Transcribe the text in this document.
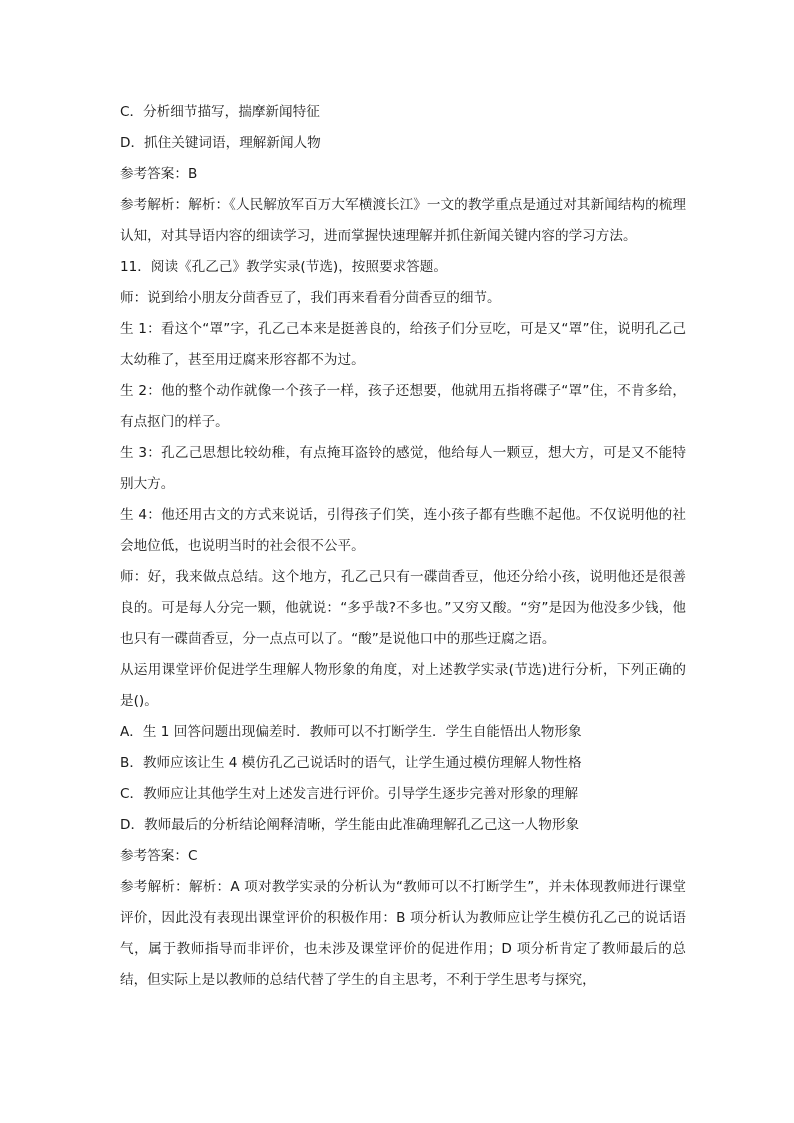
C．分析细节描写，揣摩新闻特征

D．抓住关键词语，理解新闻人物

参考答案：B

参考解析：解析：《人民解放军百万大军横渡长江》一文的教学重点是通过对其新闻结构的梳理认知，对其导语内容的细读学习，进而掌握快速理解并抓住新闻关键内容的学习方法。

11．阅读《孔乙己》教学实录(节选)，按照要求答题。

师：说到给小朋友分茴香豆了，我们再来看看分茴香豆的细节。

生 1：看这个“罩”字，孔乙己本来是挺善良的，给孩子们分豆吃，可是又“罩”住，说明孔乙己太幼稚了，甚至用迂腐来形容都不为过。

生 2：他的整个动作就像一个孩子一样，孩子还想要，他就用五指将碟子“罩”住，不肯多给，有点抠门的样子。

生 3：孔乙己思想比较幼稚，有点掩耳盗铃的感觉，他给每人一颗豆，想大方，可是又不能特别大方。

生 4：他还用古文的方式来说话，引得孩子们笑，连小孩子都有些瞧不起他。不仅说明他的社会地位低，也说明当时的社会很不公平。

师：好，我来做点总结。这个地方，孔乙己只有一碟茴香豆，他还分给小孩，说明他还是很善良的。可是每人分完一颗，他就说：“多乎哉?不多也。”又穷又酸。“穷”是因为他没多少钱，他也只有一碟茴香豆，分一点点可以了。“酸”是说他口中的那些迂腐之语。

从运用课堂评价促进学生理解人物形象的角度，对上述教学实录(节选)进行分析，下列正确的是()。

A．生 1 回答问题出现偏差时．教师可以不打断学生．学生自能悟出人物形象

B．教师应该让生 4 模仿孔乙己说话时的语气，让学生通过模仿理解人物性格

C．教师应让其他学生对上述发言进行评价。引导学生逐步完善对形象的理解

D．教师最后的分析结论阐释清晰，学生能由此准确理解孔乙己这一人物形象

参考答案：C

参考解析：解析：A 项对教学实录的分析认为“教师可以不打断学生”，并未体现教师进行课堂评价，因此没有表现出课堂评价的积极作用：B 项分析认为教师应让学生模仿孔乙己的说话语气，属于教师指导而非评价，也未涉及课堂评价的促进作用；D 项分析肯定了教师最后的总结，但实际上是以教师的总结代替了学生的自主思考，不利于学生思考与探究，
